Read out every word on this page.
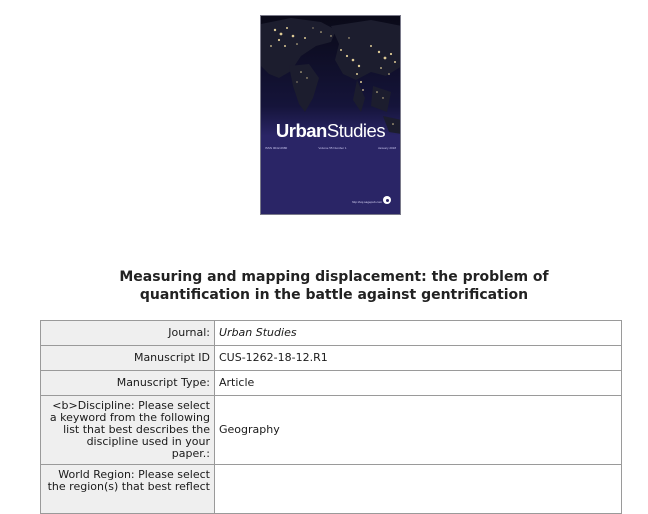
UrbanStudies
ISSN 0042-0980	Volume 55 Number 1	January 2018
http://usj.sagepub.com
Measuring and mapping displacement: the problem of
quantification in the battle against gentrification
Journal:	Urban Studies
Manuscript ID	CUS-1262-18-12.R1
Manuscript Type:	Article
<b>Discipline: Please select a keyword from the following list that best describes the discipline used in your paper.:	Geography
World Region: Please select the region(s) that best reflect	
